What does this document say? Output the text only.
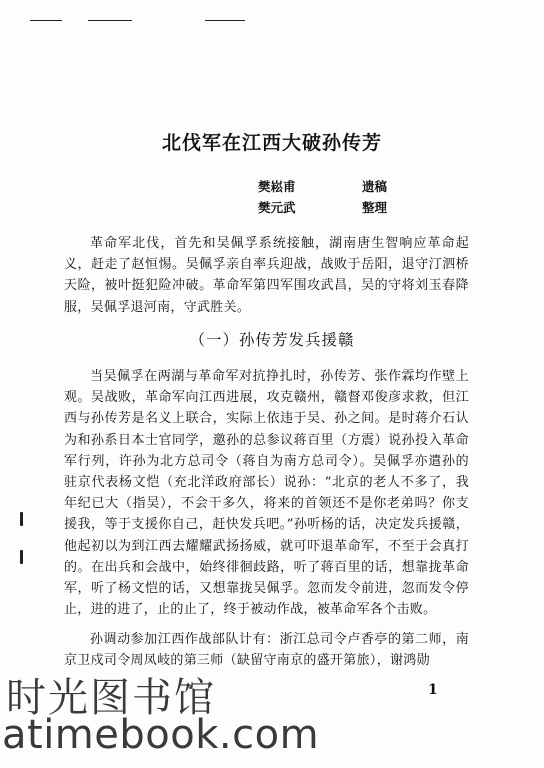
北伐军在江西大破孙传芳
樊崧甫	遗稿
樊元武	整理

革命军北伐，首先和吴佩孚系统接触，湖南唐生智响应革命起义，赶走了赵恒惕。吴佩孚亲自率兵迎战，战败于岳阳，退守汀泗桥天险，被叶挺犯险冲破。革命军第四军围攻武昌，吴的守将刘玉春降服，吴佩孚退河南，守武胜关。

（一）孙传芳发兵援赣

当吴佩孚在两湖与革命军对抗挣扎时，孙传芳、张作霖均作壁上观。吴战败，革命军向江西进展，攻克赣州，赣督邓俊彦求救，但江西与孙传芳是名义上联合，实际上依违于吴、孙之间。是时蒋介石认为和孙系日本士官同学，邀孙的总参议蒋百里（方震）说孙投入革命军行列，许孙为北方总司令（蒋自为南方总司令）。吴佩孚亦遣孙的驻京代表杨文恺（充北洋政府部长）说孙：“北京的老人不多了，我年纪已大（指吴），不会干多久，将来的首领还不是你老弟吗？你支援我，等于支援你自己，赶快发兵吧。”孙听杨的话，决定发兵援赣，他起初以为到江西去耀耀武扬扬威，就可吓退革命军，不至于会真打的。在出兵和会战中，始终徘徊歧路，听了蒋百里的话，想靠拢革命军，听了杨文恺的话，又想靠拢吴佩孚。忽而发令前进，忽而发令停止，进的进了，止的止了，终于被动作战，被革命军各个击败。

孙调动参加江西作战部队计有：浙江总司令卢香亭的第二师，南京卫戍司令周凤岐的第三师（缺留守南京的盛开第旅），谢鸿勋

1
时光图书馆
atimebook.com
